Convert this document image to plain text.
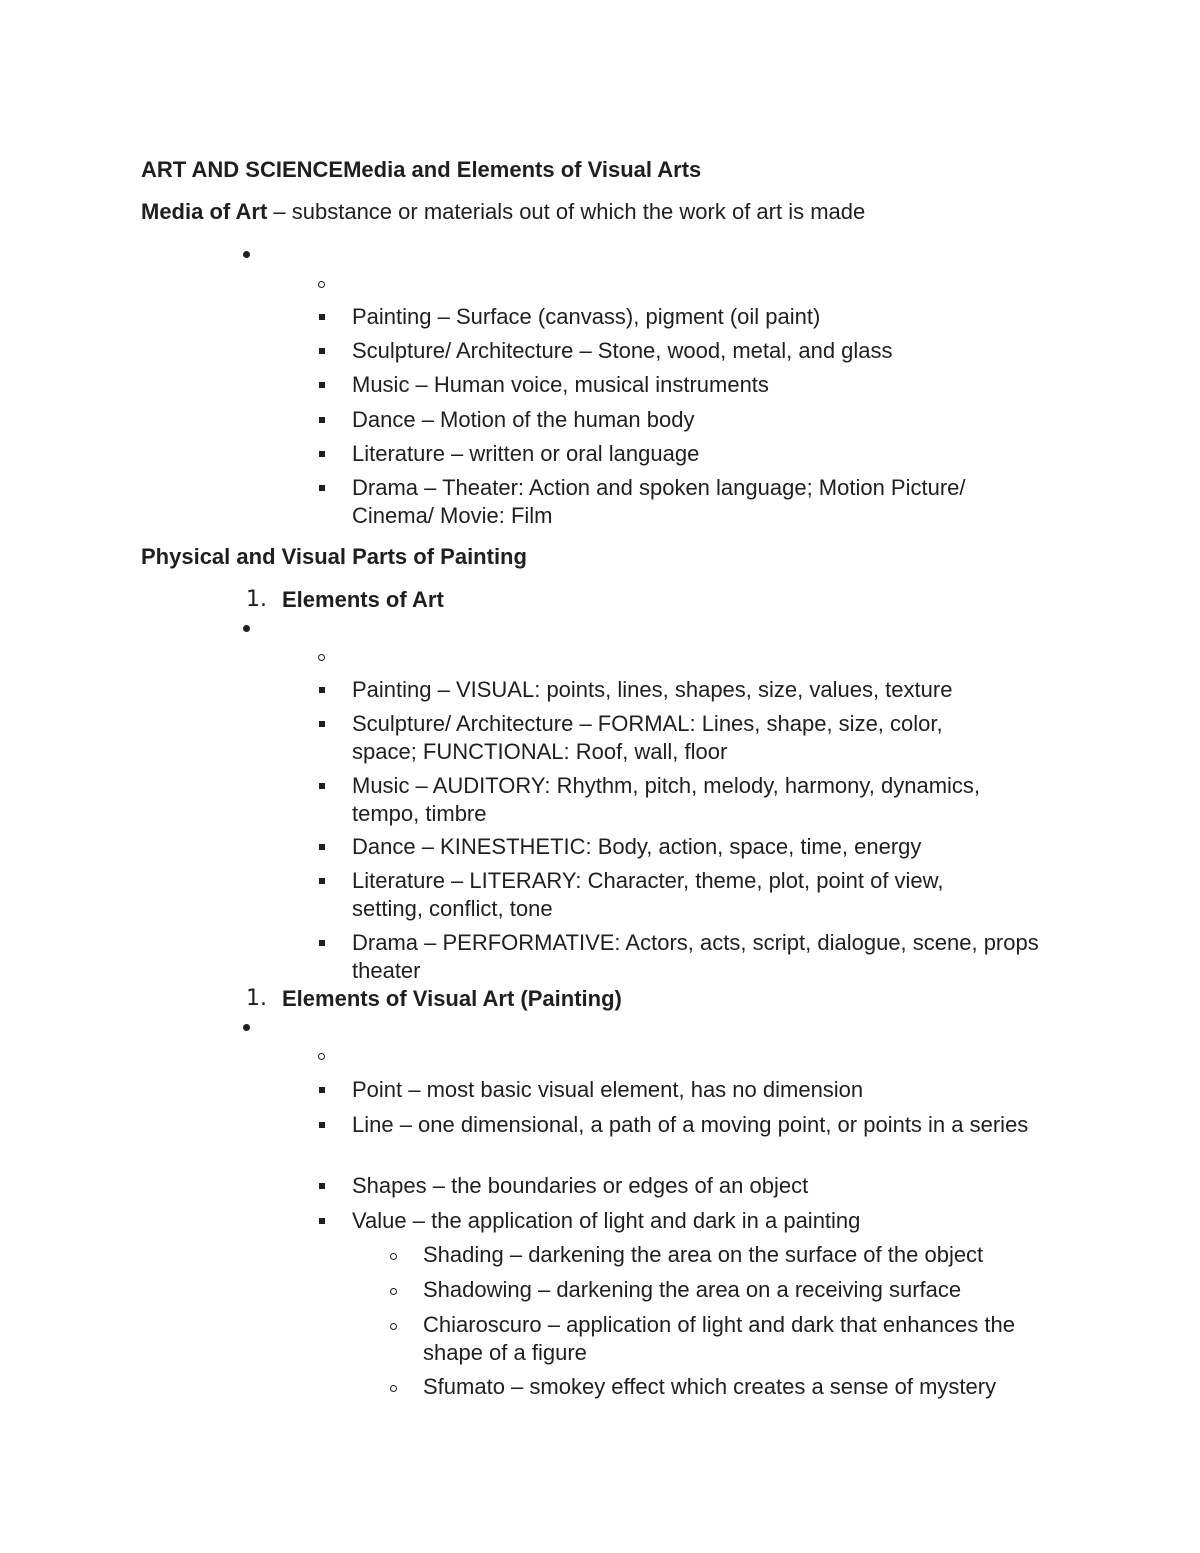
ART AND SCIENCEMedia and Elements of Visual Arts
Media of Art – substance or materials out of which the work of art is made
Painting – Surface (canvass), pigment (oil paint)
Sculpture/ Architecture – Stone, wood, metal, and glass
Music – Human voice, musical instruments
Dance – Motion of the human body
Literature – written or oral language
Drama – Theater: Action and spoken language; Motion Picture/ Cinema/ Movie: Film
Physical and Visual Parts of Painting
1. Elements of Art
Painting – VISUAL: points, lines, shapes, size, values, texture
Sculpture/ Architecture – FORMAL: Lines, shape, size, color, space; FUNCTIONAL: Roof, wall, floor
Music – AUDITORY: Rhythm, pitch, melody, harmony, dynamics, tempo, timbre
Dance – KINESTHETIC: Body, action, space, time, energy
Literature – LITERARY: Character, theme, plot, point of view, setting, conflict, tone
Drama – PERFORMATIVE: Actors, acts, script, dialogue, scene, props theater
1. Elements of Visual Art (Painting)
Point – most basic visual element, has no dimension
Line – one dimensional, a path of a moving point, or points in a series
Shapes – the boundaries or edges of an object
Value – the application of light and dark in a painting
Shading – darkening the area on the surface of the object
Shadowing – darkening the area on a receiving surface
Chiaroscuro – application of light and dark that enhances the shape of a figure
Sfumato – smokey effect which creates a sense of mystery
